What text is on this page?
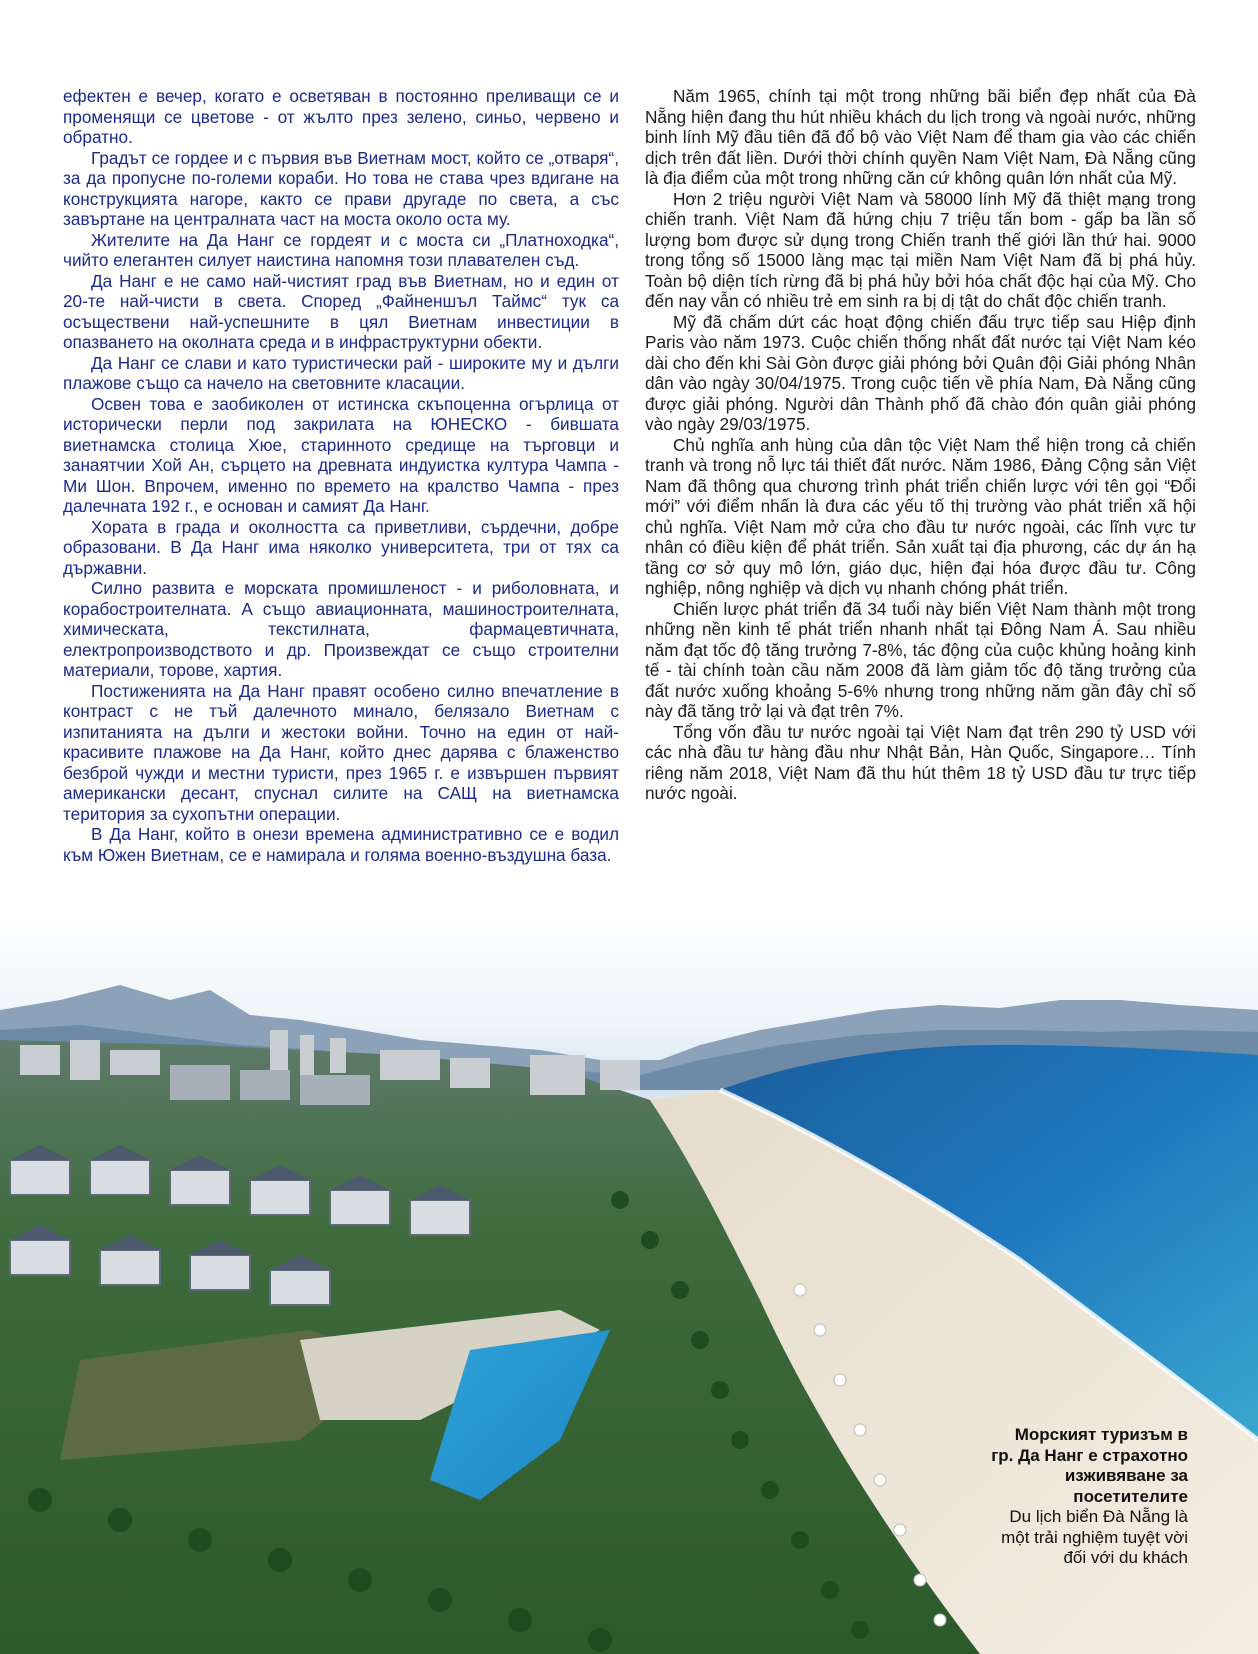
ефектен е вечер, когато е осветяван в постоянно преливащи се и променящи се цветове - от жълто през зелено, синьо, червено и обратно.

Градът се гордее и с първия във Виетнам мост, който се „отваря“, за да пропусне по-големи кораби. Но това не става чрез вдигане на конструкцията нагоре, както се прави другаде по света, а със завъртане на централната част на моста около оста му.

Жителите на Да Нанг се гордеят и с моста си „Платноходка“, чийто елегантен силует наистина напомня този плавателен съд.

Да Нанг е не само най-чистият град във Виетнам, но и един от 20-те най-чисти в света. Според „Файненшъл Таймс“ тук са осъществени най-успешните в цял Виетнам инвестиции в опазването на околната среда и в инфраструктурни обекти.

Да Нанг се слави и като туристически рай - широките му и дълги плажове също са начело на световните класации.

Освен това е заобиколен от истинска скъпоценна огърлица от историчeски перли под закрилата на ЮНЕСКО - бившата виетнамска столица Хюе, старинното средище на търговци и занаятчии Хой Ан, сърцето на древната индуистка култура Чампа - Ми Шон. Впрочем, именно по времето на кралство Чампа - през далечната 192 г., е основан и самият Да Нанг.

Хората в града и околността са приветливи, сърдечни, добре образовани. В Да Нанг има няколко университета, три от тях са държавни.

Силно развита е морската промишленост - и риболовната, и корабостроителната. А също авиационната, машиностроителната, химическата, текстилната, фармацевтичната, електропроизводството и др. Произвеждат се също строителни материали, торове, хартия.

Постиженията на Да Нанг правят особено силно впечатление в контраст с не тъй далечното минало, белязало Виетнам с изпитанията на дълги и жестоки войни. Точно на един от най-красивите плажове на Да Нанг, който днес дарява с блаженство безброй чужди и местни туристи, през 1965 г. е извършен първият американски десант, спуснал силите на САЩ на виетнамска територия за сухопътни операции.

В Да Нанг, който в онези времена административно се е водил към Южен Виетнам, се е намирала и голяма военно-въздушна база.

Năm 1965, chính tại một trong những bãi biển đẹp nhất của Đà Nẵng hiện đang thu hút nhiều khách du lịch trong và ngoài nước, những binh lính Mỹ đầu tiên đã đổ bộ vào Việt Nam để tham gia vào các chiến dịch trên đất liền. Dưới thời chính quyền Nam Việt Nam, Đà Nẵng cũng là địa điểm của một trong những căn cứ không quân lớn nhất của Mỹ.

Hơn 2 triệu người Việt Nam và 58000 lính Mỹ đã thiệt mạng trong chiến tranh. Việt Nam đã hứng chịu 7 triệu tấn bom - gấp ba lần số lượng bom được sử dụng trong Chiến tranh thế giới lần thứ hai. 9000 trong tổng số 15000 làng mạc tại miền Nam Việt Nam đã bị phá hủy. Toàn bộ diện tích rừng đã bị phá hủy bởi hóa chất độc hại của Mỹ. Cho đến nay vẫn có nhiều trẻ em sinh ra bị dị tật do chất độc chiến tranh.

Mỹ đã chấm dứt các hoạt động chiến đấu trực tiếp sau Hiệp định Paris vào năm 1973. Cuộc chiến thống nhất đất nước tại Việt Nam kéo dài cho đến khi Sài Gòn được giải phóng bởi Quân đội Giải phóng Nhân dân vào ngày 30/04/1975. Trong cuộc tiến về phía Nam, Đà Nẵng cũng được giải phóng. Người dân Thành phố đã chào đón quân giải phóng vào ngày 29/03/1975.

Chủ nghĩa anh hùng của dân tộc Việt Nam thể hiện trong cả chiến tranh và trong nỗ lực tái thiết đất nước. Năm 1986, Đảng Cộng sản Việt Nam đã thông qua chương trình phát triển chiến lược với tên gọi “Đổi mới” với điểm nhấn là đưa các yếu tố thị trường vào phát triển xã hội chủ nghĩa. Việt Nam mở cửa cho đầu tư nước ngoài, các lĩnh vực tư nhân có điều kiện để phát triển. Sản xuất tại địa phương, các dự án hạ tầng cơ sở quy mô lớn, giáo dục, hiện đại hóa được đầu tư. Công nghiệp, nông nghiệp và dịch vụ nhanh chóng phát triển.

Chiến lược phát triển đã 34 tuổi này biến Việt Nam thành một trong những nền kinh tế phát triển nhanh nhất tại Đông Nam Á. Sau nhiều năm đạt tốc độ tăng trưởng 7-8%, tác động của cuộc khủng hoảng kinh tế - tài chính toàn cầu năm 2008 đã làm giảm tốc độ tăng trưởng của đất nước xuống khoảng 5-6% nhưng trong những năm gần đây chỉ số này đã tăng trở lại và đạt trên 7%.

Tổng vốn đầu tư nước ngoài tại Việt Nam đạt trên 290 tỷ USD với các nhà đầu tư hàng đầu như Nhật Bản, Hàn Quốc, Singapore… Tính riêng năm 2018, Việt Nam đã thu hút thêm 18 tỷ USD đầu tư trực tiếp nước ngoài.

Морският туризъм в
гр. Да Нанг е страхотно
изживяване за
посетителите
Du lịch biển Đà Nẵng là
một trải nghiệm tuyệt vời
đối với du khách
